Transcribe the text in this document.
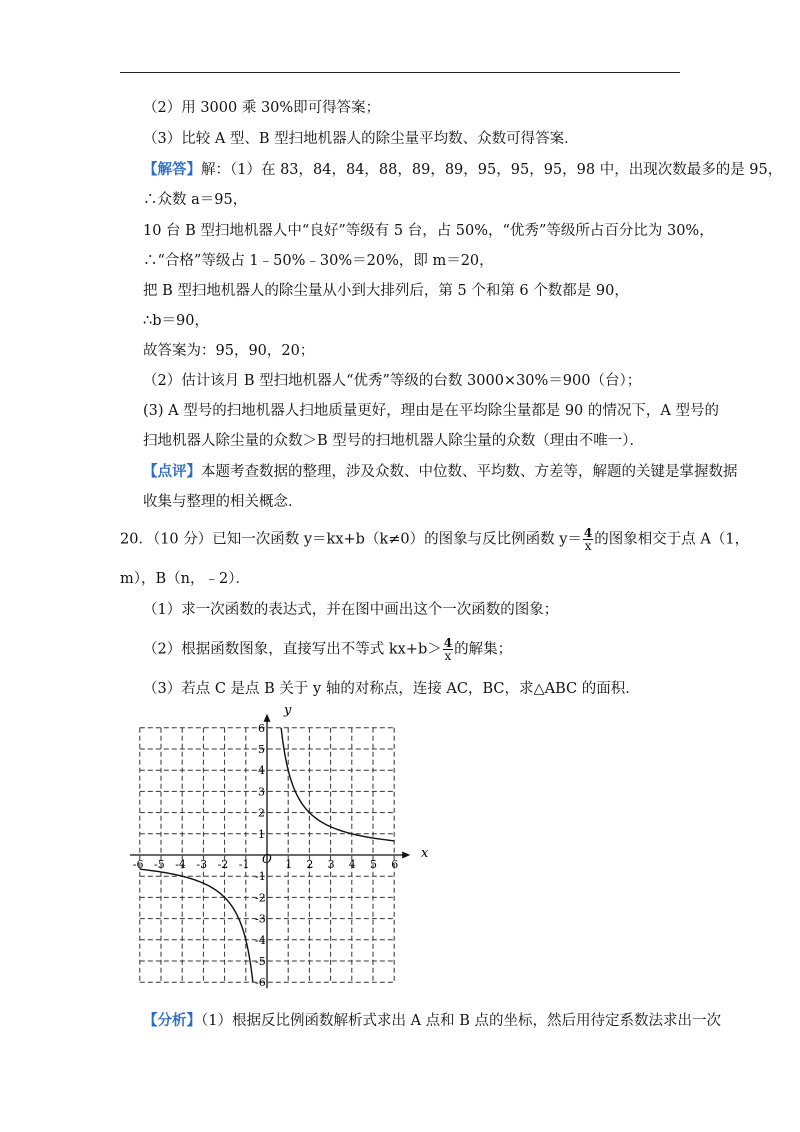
（2）用 3000 乘 30%即可得答案；
（3）比较 A 型、B 型扫地机器人的除尘量平均数、众数可得答案．
【解答】解：（1）在 83，84，84，88，89，89，95，95，95，98 中，出现次数最多的是 95，
∴众数 a＝95，
10 台 B 型扫地机器人中“良好”等级有 5 台，占 50%，“优秀”等级所占百分比为 30%，
∴“合格”等级占 1﹣50%﹣30%＝20%，即 m＝20，
把 B 型扫地机器人的除尘量从小到大排列后，第 5 个和第 6 个数都是 90，
∴b＝90，
故答案为：95，90，20；
（2）估计该月 B 型扫地机器人“优秀”等级的台数 3000×30%＝900（台）；
(3) A 型号的扫地机器人扫地质量更好，理由是在平均除尘量都是 90 的情况下，A 型号的
扫地机器人除尘量的众数＞B 型号的扫地机器人除尘量的众数（理由不唯一）．
【点评】本题考查数据的整理，涉及众数、中位数、平均数、方差等，解题的关键是掌握数据
收集与整理的相关概念．
20．（10 分）已知一次函数 y＝kx+b（k≠0）的图象与反比例函数 $y= \frac{4}{x}$ 的图象相交于点 A（1，
m），B（n，﹣2）．
（1）求一次函数的表达式，并在图中画出这个一次函数的图象；
（2）根据函数图象，直接写出不等式 $kx+b> \frac{4}{x}$ 的解集；
（3）若点 C 是点 B 关于 y 轴的对称点，连接 AC，BC，求△ABC 的面积．
-6 -5 -4 -3 -2 -1	1 2 3 4 5 6
6
5
4
3
2
1
-1
-2
-3
-4
-5
-6
x
y
O
【分析】（1）根据反比例函数解析式求出 A 点和 B 点的坐标，然后用待定系数法求出一次
